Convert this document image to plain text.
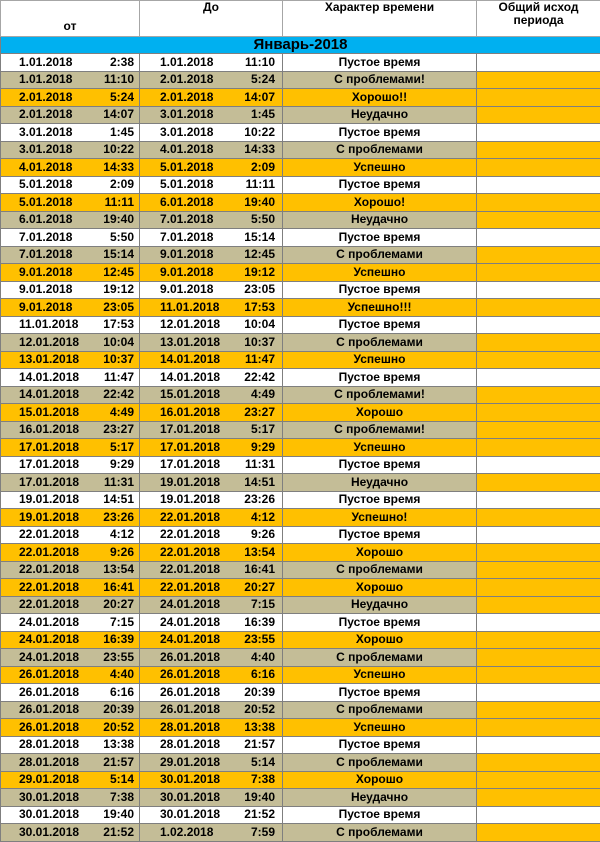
от	До	Характер времени	Общий исход
периода
Январь-2018			
1.01.2018 2:38	1.01.2018 11:10	Пустое время	
1.01.2018 11:10	2.01.2018 5:24	С проблемами!	
2.01.2018 5:24	2.01.2018 14:07	Хорошо!!	
2.01.2018 14:07	3.01.2018 1:45	Неудачно	
3.01.2018 1:45	3.01.2018 10:22	Пустое время	
3.01.2018 10:22	4.01.2018 14:33	С проблемами	
4.01.2018 14:33	5.01.2018 2:09	Успешно	
5.01.2018 2:09	5.01.2018 11:11	Пустое время	
5.01.2018 11:11	6.01.2018 19:40	Хорошо!	
6.01.2018 19:40	7.01.2018 5:50	Неудачно	
7.01.2018 5:50	7.01.2018 15:14	Пустое время	
7.01.2018 15:14	9.01.2018 12:45	С проблемами	
9.01.2018 12:45	9.01.2018 19:12	Успешно	
9.01.2018 19:12	9.01.2018 23:05	Пустое время	
9.01.2018 23:05	11.01.2018 17:53	Успешно!!!	
11.01.2018 17:53	12.01.2018 10:04	Пустое время	
12.01.2018 10:04	13.01.2018 10:37	С проблемами	
13.01.2018 10:37	14.01.2018 11:47	Успешно	
14.01.2018 11:47	14.01.2018 22:42	Пустое время	
14.01.2018 22:42	15.01.2018 4:49	С проблемами!	
15.01.2018 4:49	16.01.2018 23:27	Хорошо	
16.01.2018 23:27	17.01.2018 5:17	С проблемами!	
17.01.2018 5:17	17.01.2018 9:29	Успешно	
17.01.2018 9:29	17.01.2018 11:31	Пустое время	
17.01.2018 11:31	19.01.2018 14:51	Неудачно	
19.01.2018 14:51	19.01.2018 23:26	Пустое время	
19.01.2018 23:26	22.01.2018 4:12	Успешно!	
22.01.2018 4:12	22.01.2018 9:26	Пустое время	
22.01.2018 9:26	22.01.2018 13:54	Хорошо	
22.01.2018 13:54	22.01.2018 16:41	С проблемами	
22.01.2018 16:41	22.01.2018 20:27	Хорошо	
22.01.2018 20:27	24.01.2018 7:15	Неудачно	
24.01.2018 7:15	24.01.2018 16:39	Пустое время	
24.01.2018 16:39	24.01.2018 23:55	Хорошо	
24.01.2018 23:55	26.01.2018 4:40	С проблемами	
26.01.2018 4:40	26.01.2018 6:16	Успешно	
26.01.2018 6:16	26.01.2018 20:39	Пустое время	
26.01.2018 20:39	26.01.2018 20:52	С проблемами	
26.01.2018 20:52	28.01.2018 13:38	Успешно	
28.01.2018 13:38	28.01.2018 21:57	Пустое время	
28.01.2018 21:57	29.01.2018 5:14	С проблемами	
29.01.2018 5:14	30.01.2018 7:38	Хорошо	
30.01.2018 7:38	30.01.2018 19:40	Неудачно	
30.01.2018 19:40	30.01.2018 21:52	Пустое время	
30.01.2018 21:52	1.02.2018 7:59	С проблемами	
